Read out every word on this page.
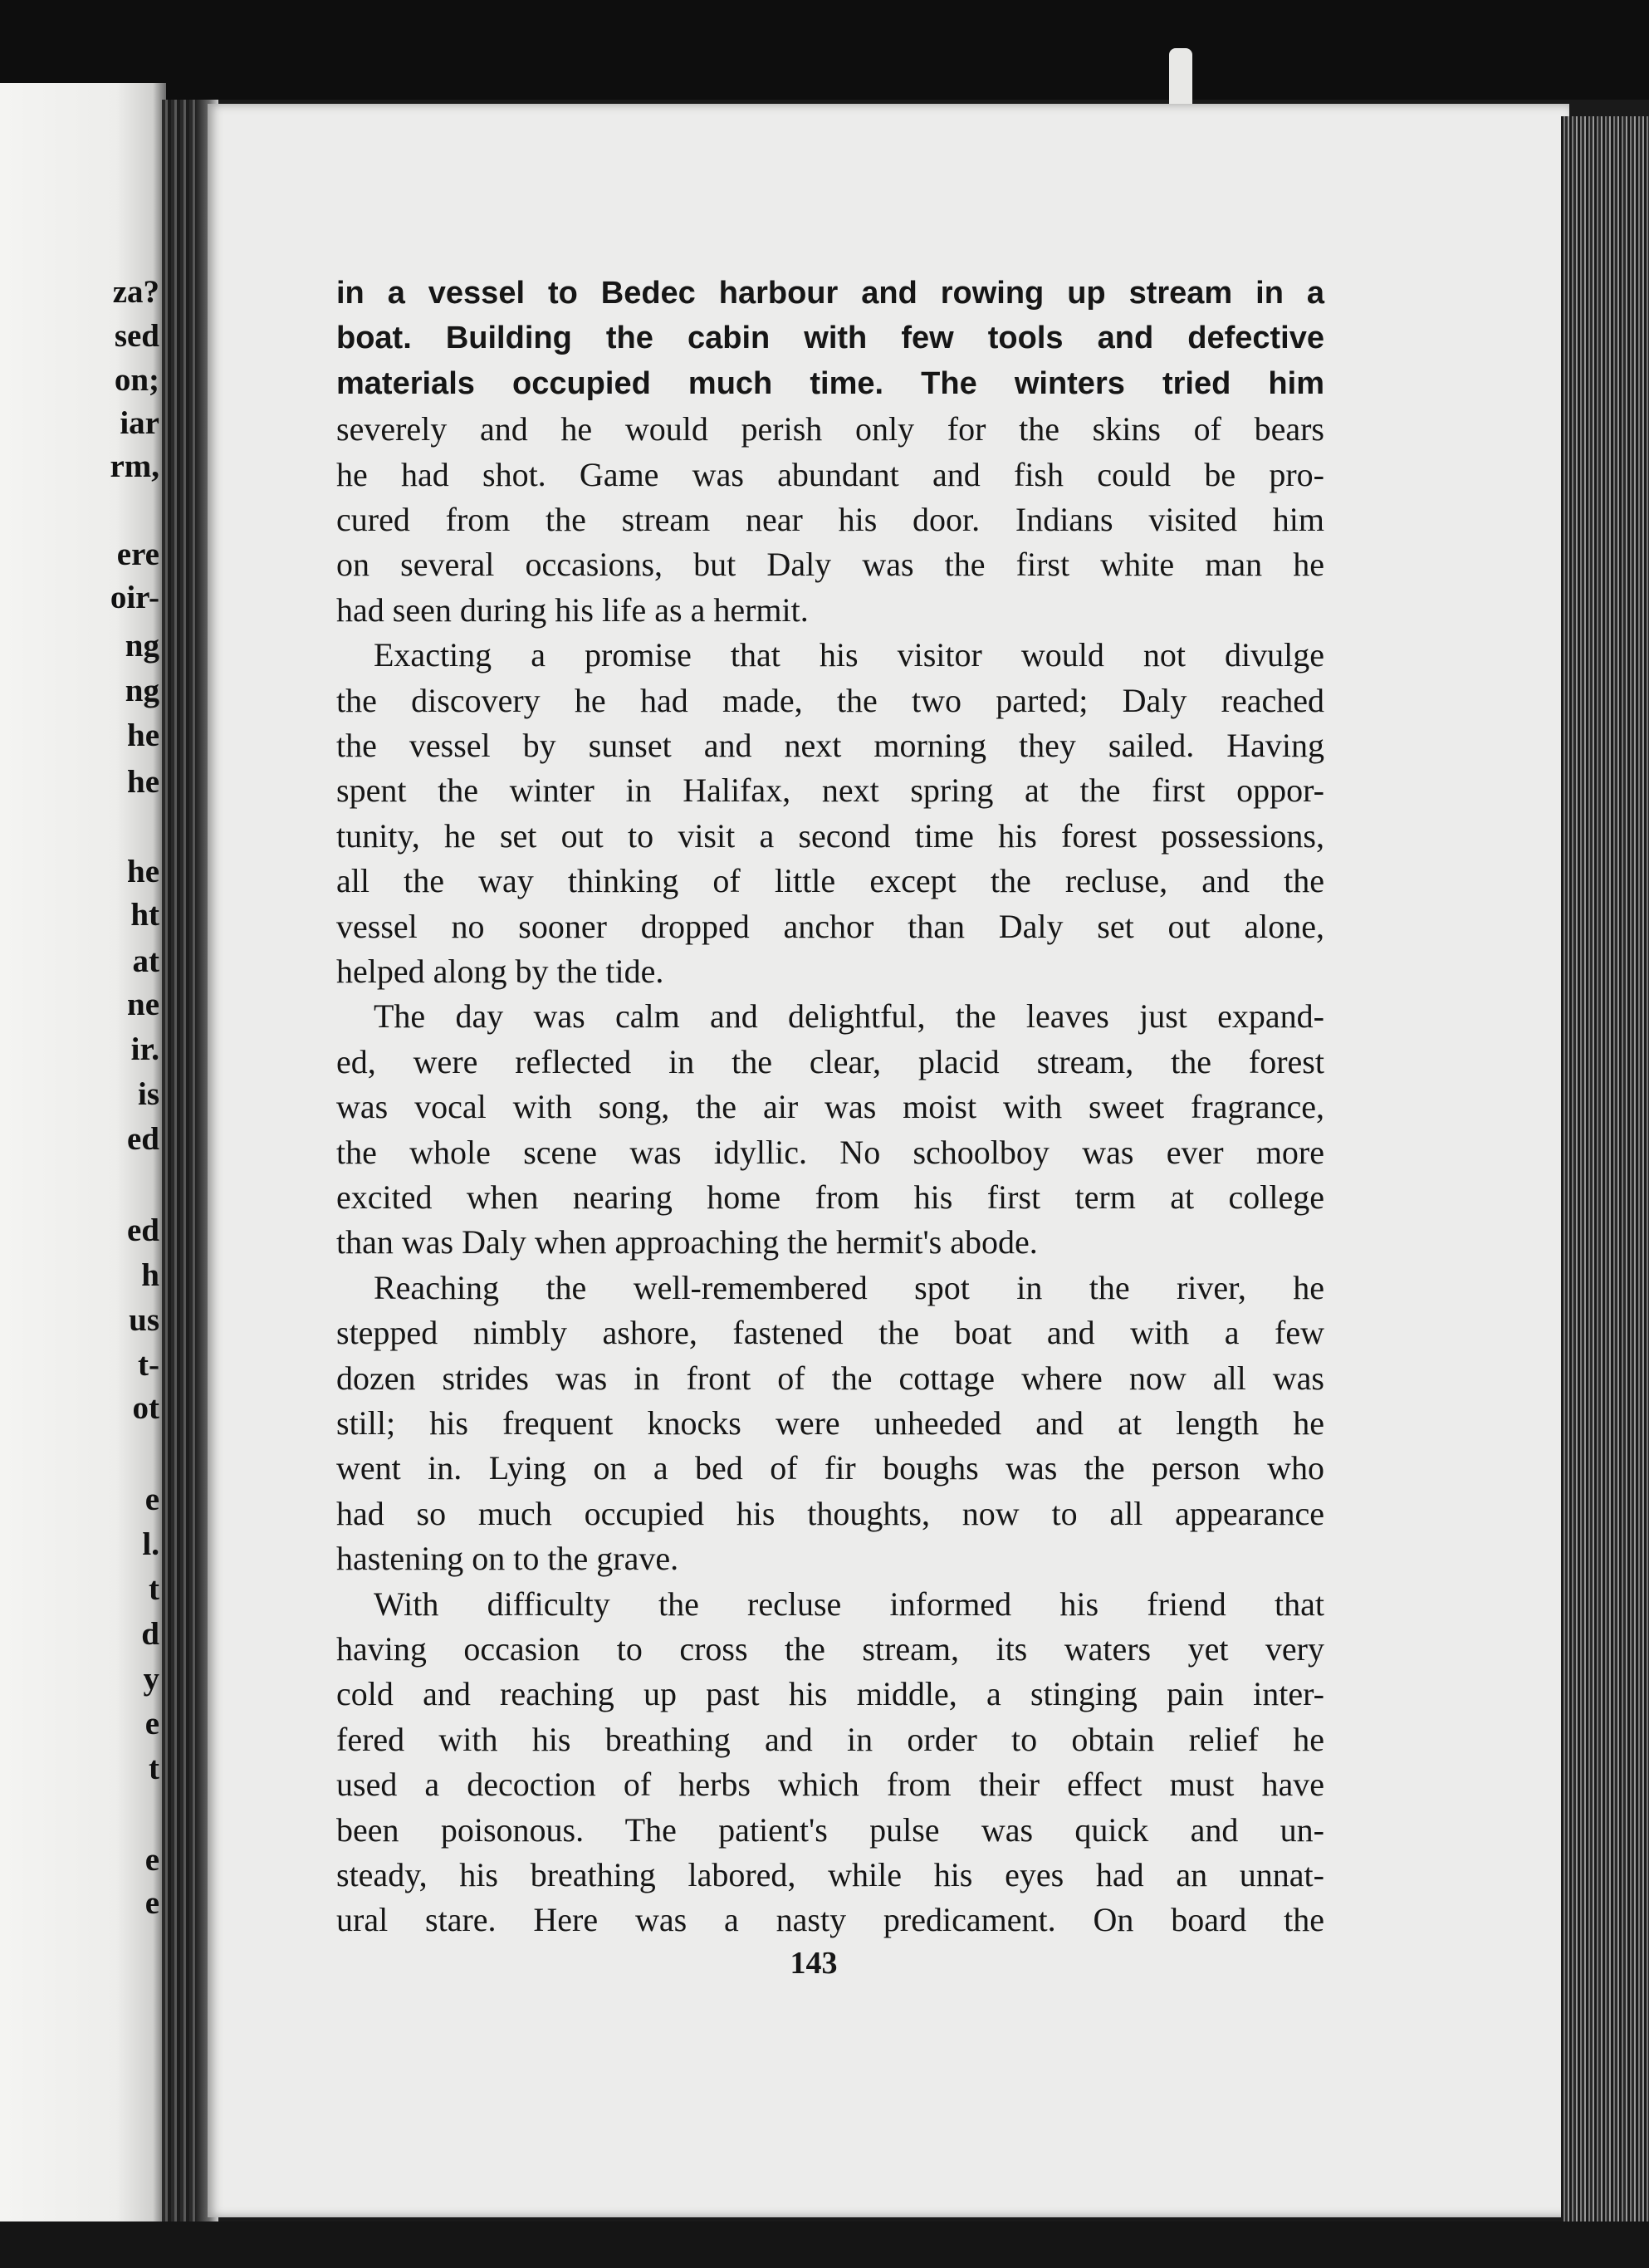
za?
sed
on;
iar
rm,
ere
oir-
ng
ng
he
he
he
ht
at
ne
ir.
is
ed
ed
h
us
t-
ot
e
l.
t
d
y
e
t
e
e
in a vessel to Bedec harbour and rowing up stream in a
boat. Building the cabin with few tools and defective
materials occupied much time. The winters tried him
severely and he would perish only for the skins of bears
he had shot. Game was abundant and fish could be pro-
cured from the stream near his door. Indians visited him
on several occasions, but Daly was the first white man he
had seen during his life as a hermit.
Exacting a promise that his visitor would not divulge
the discovery he had made, the two parted; Daly reached
the vessel by sunset and next morning they sailed. Having
spent the winter in Halifax, next spring at the first oppor-
tunity, he set out to visit a second time his forest possessions,
all the way thinking of little except the recluse, and the
vessel no sooner dropped anchor than Daly set out alone,
helped along by the tide.
The day was calm and delightful, the leaves just expand-
ed, were reflected in the clear, placid stream, the forest
was vocal with song, the air was moist with sweet fragrance,
the whole scene was idyllic. No schoolboy was ever more
excited when nearing home from his first term at college
than was Daly when approaching the hermit's abode.
Reaching the well-remembered spot in the river, he
stepped nimbly ashore, fastened the boat and with a few
dozen strides was in front of the cottage where now all was
still; his frequent knocks were unheeded and at length he
went in. Lying on a bed of fir boughs was the person who
had so much occupied his thoughts, now to all appearance
hastening on to the grave.
With difficulty the recluse informed his friend that
having occasion to cross the stream, its waters yet very
cold and reaching up past his middle, a stinging pain inter-
fered with his breathing and in order to obtain relief he
used a decoction of herbs which from their effect must have
been poisonous. The patient's pulse was quick and un-
steady, his breathing labored, while his eyes had an unnat-
ural stare. Here was a nasty predicament. On board the
143
